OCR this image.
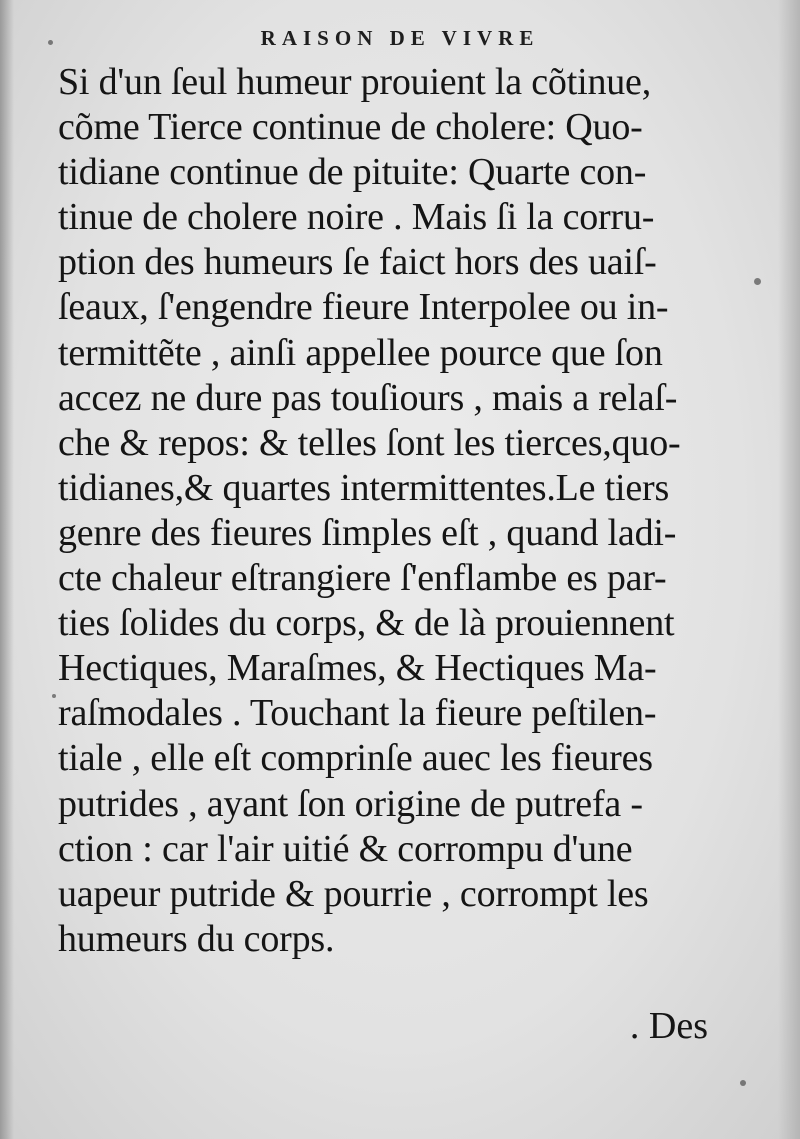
RAISON DE VIVRE
Si d'un ſeul humeur prouient la cõtinue,
cõme Tierce continue de cholere: Quo-
tidiane continue de pituite: Quarte con-
tinue de cholere noire . Mais ſi la corru-
ption des humeurs ſe faict hors des uaiſ-
ſeaux, ſ'engendre fieure Interpolee ou in-
termittẽte , ainſi appellee pource que ſon
accez ne dure pas touſiours , mais a relaſ-
che & repos: & telles ſont les tierces,quo-
tidianes,& quartes intermittentes.Le tiers
genre des fieures ſimples eſt , quand ladi-
cte chaleur eſtrangiere ſ'enflambe es par-
ties ſolides du corps, & de là prouiennent
Hectiques, Maraſmes, & Hectiques Ma-
raſmodales . Touchant la fieure peſtilen-
tiale , elle eſt comprinſe auec les fieures
putrides , ayant ſon origine de putrefa -
ction : car l'air uitié & corrompu d'une
uapeur putride & pourrie , corrompt les
humeurs du corps.
. Des
